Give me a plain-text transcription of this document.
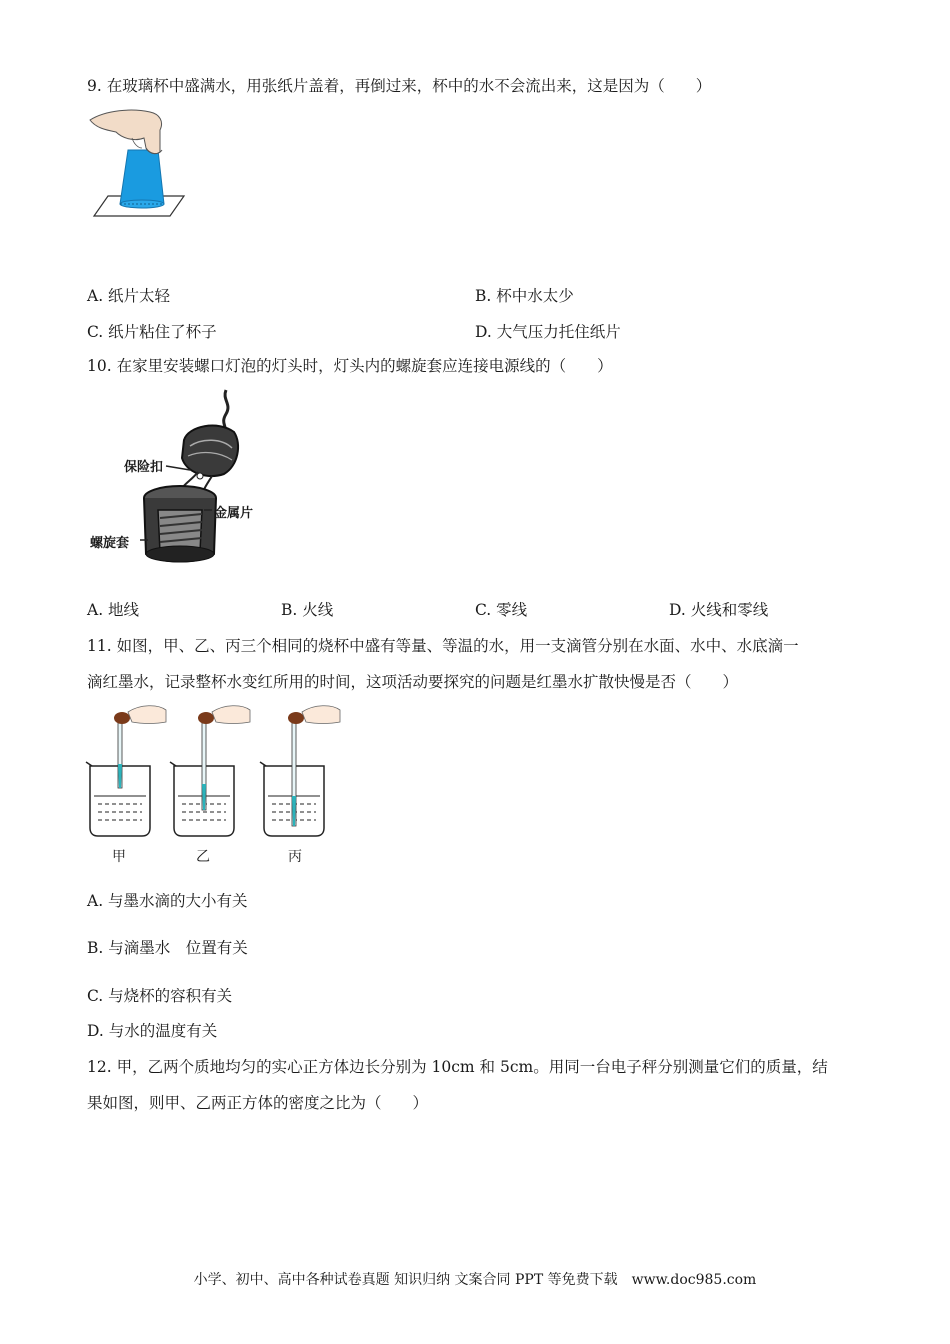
9. 在玻璃杯中盛满水，用张纸片盖着，再倒过来，杯中的水不会流出来，这是因为（　　）
A. 纸片太轻	B. 杯中水太少
C. 纸片粘住了杯子	D. 大气压力托住纸片
10. 在家里安装螺口灯泡的灯头时，灯头内的螺旋套应连接电源线的（　　）
保险扣
金属片
螺旋套
A. 地线	B. 火线	C. 零线	D. 火线和零线
11. 如图，甲、乙、丙三个相同的烧杯中盛有等量、等温的水，用一支滴管分别在水面、水中、水底滴一
滴红墨水，记录整杯水变红所用的时间，这项活动要探究的问题是红墨水扩散快慢是否（　　）
甲	乙	丙
A. 与墨水滴的大小有关
B. 与滴墨水　位置有关
C. 与烧杯的容积有关
D. 与水的温度有关
12. 甲，乙两个质地均匀的实心正方体边长分别为 10cm 和 5cm。用同一台电子秤分别测量它们的质量，结
果如图，则甲、乙两正方体的密度之比为（　　）
小学、初中、高中各种试卷真题 知识归纳 文案合同 PPT 等免费下载　www.doc985.com
